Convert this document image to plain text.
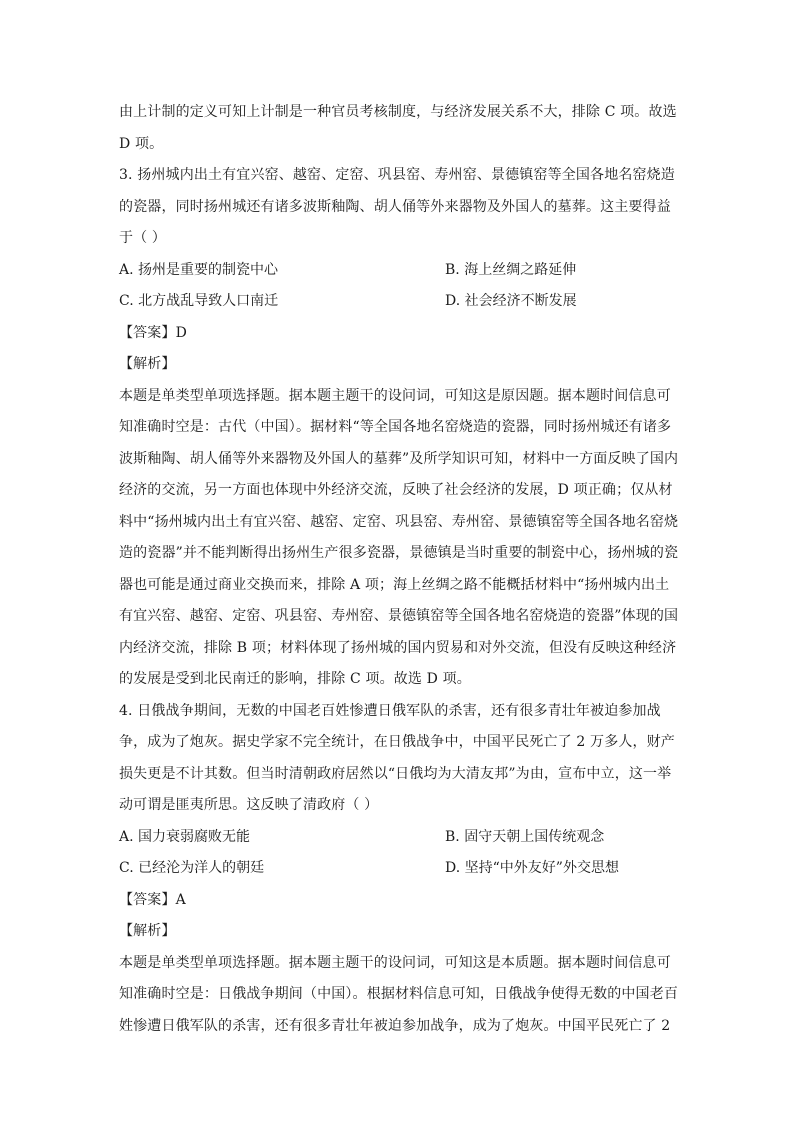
由上计制的定义可知上计制是一种官员考核制度，与经济发展关系不大，排除 C 项。故选
D 项。
3. 扬州城内出土有宜兴窑、越窑、定窑、巩县窑、寿州窑、景德镇窑等全国各地名窑烧造
的瓷器，同时扬州城还有诸多波斯釉陶、胡人俑等外来器物及外国人的墓葬。这主要得益
于（ ）
A. 扬州是重要的制瓷中心	B. 海上丝绸之路延伸
C. 北方战乱导致人口南迁	D. 社会经济不断发展
【答案】D
【解析】
本题是单类型单项选择题。据本题主题干的设问词，可知这是原因题。据本题时间信息可
知准确时空是：古代（中国）。据材料“等全国各地名窑烧造的瓷器，同时扬州城还有诸多
波斯釉陶、胡人俑等外来器物及外国人的墓葬”及所学知识可知，材料中一方面反映了国内
经济的交流，另一方面也体现中外经济交流，反映了社会经济的发展，D 项正确；仅从材
料中“扬州城内出土有宜兴窑、越窑、定窑、巩县窑、寿州窑、景德镇窑等全国各地名窑烧
造的瓷器”并不能判断得出扬州生产很多瓷器，景德镇是当时重要的制瓷中心，扬州城的瓷
器也可能是通过商业交换而来，排除 A 项；海上丝绸之路不能概括材料中“扬州城内出土
有宜兴窑、越窑、定窑、巩县窑、寿州窑、景德镇窑等全国各地名窑烧造的瓷器”体现的国
内经济交流，排除 B 项；材料体现了扬州城的国内贸易和对外交流，但没有反映这种经济
的发展是受到北民南迁的影响，排除 C 项。故选 D 项。
4. 日俄战争期间，无数的中国老百姓惨遭日俄军队的杀害，还有很多青壮年被迫参加战
争，成为了炮灰。据史学家不完全统计，在日俄战争中，中国平民死亡了 2 万多人，财产
损失更是不计其数。但当时清朝政府居然以“日俄均为大清友邦”为由，宣布中立，这一举
动可谓是匪夷所思。这反映了清政府（ ）
A. 国力衰弱腐败无能	B. 固守天朝上国传统观念
C. 已经沦为洋人的朝廷	D. 坚持“中外友好”外交思想
【答案】A
【解析】
本题是单类型单项选择题。据本题主题干的设问词，可知这是本质题。据本题时间信息可
知准确时空是：日俄战争期间（中国）。根据材料信息可知，日俄战争使得无数的中国老百
姓惨遭日俄军队的杀害，还有很多青壮年被迫参加战争，成为了炮灰。中国平民死亡了 2
